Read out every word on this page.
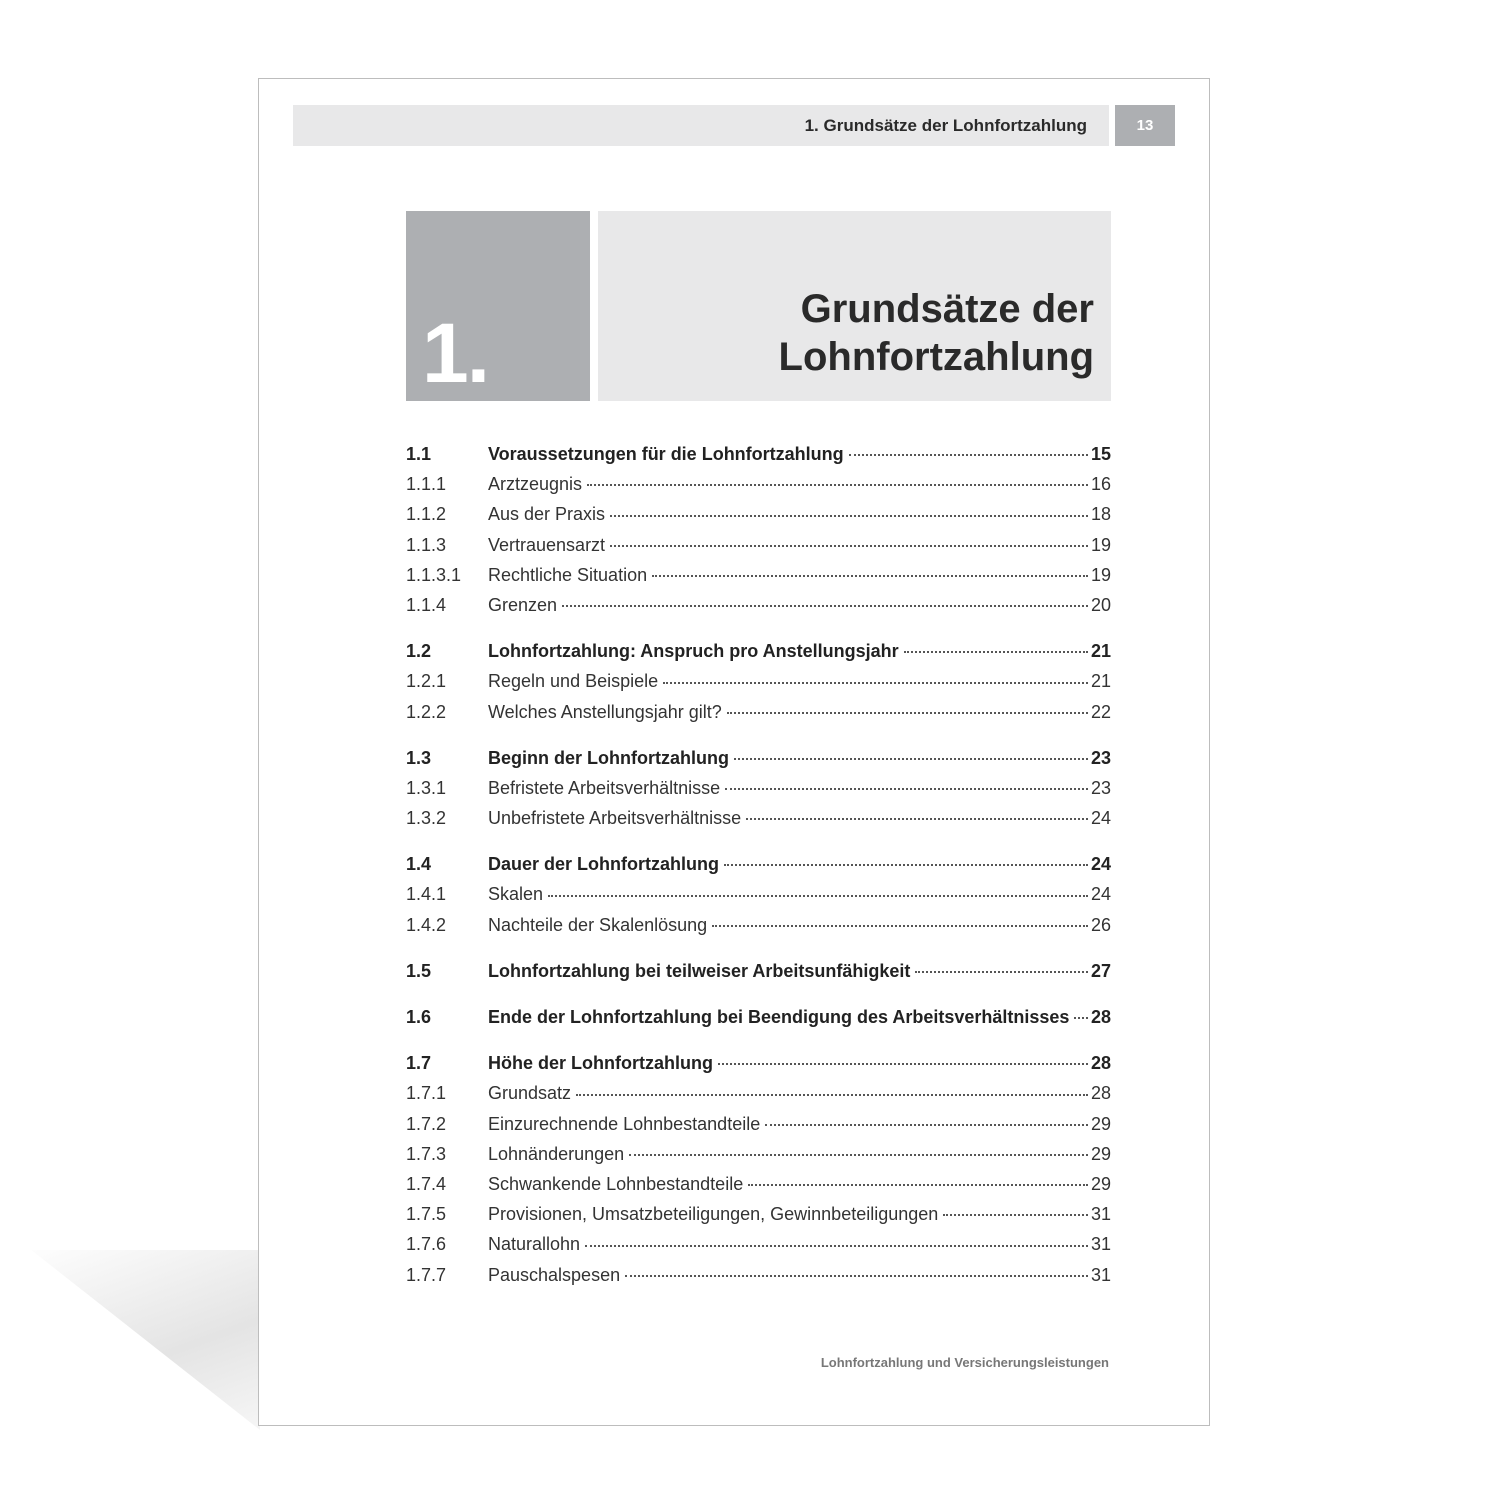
1. Grundsätze der Lohnfortzahlung	13
1.	Grundsätze der
Lohnfortzahlung
1.1	Voraussetzungen für die Lohnfortzahlung	15
1.1.1	Arztzeugnis	16
1.1.2	Aus der Praxis	18
1.1.3	Vertrauensarzt	19
1.1.3.1	Rechtliche Situation	19
1.1.4	Grenzen	20
1.2	Lohnfortzahlung: Anspruch pro Anstellungsjahr	21
1.2.1	Regeln und Beispiele	21
1.2.2	Welches Anstellungsjahr gilt?	22
1.3	Beginn der Lohnfortzahlung	23
1.3.1	Befristete Arbeitsverhältnisse	23
1.3.2	Unbefristete Arbeitsverhältnisse	24
1.4	Dauer der Lohnfortzahlung	24
1.4.1	Skalen	24
1.4.2	Nachteile der Skalenlösung	26
1.5	Lohnfortzahlung bei teilweiser Arbeitsunfähigkeit	27
1.6	Ende der Lohnfortzahlung bei Beendigung des Arbeitsverhältnisses 28
1.7	Höhe der Lohnfortzahlung	28
1.7.1	Grundsatz	28
1.7.2	Einzurechnende Lohnbestandteile	29
1.7.3	Lohnänderungen	29
1.7.4	Schwankende Lohnbestandteile	29
1.7.5	Provisionen, Umsatzbeteiligungen, Gewinnbeteiligungen	31
1.7.6	Naturallohn	31
1.7.7	Pauschalspesen	31
Lohnfortzahlung und Versicherungsleistungen
